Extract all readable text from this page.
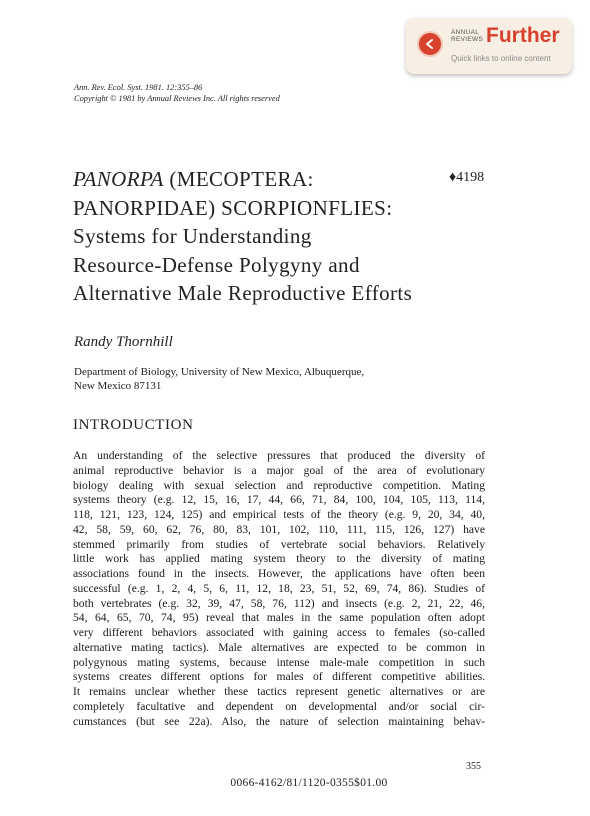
ANNUAL REVIEWS Further
Quick links to online content
Ann. Rev. Ecol. Syst. 1981. 12:355–86
Copyright © 1981 by Annual Reviews Inc. All rights reserved
PANORPA (MECOPTERA:
PANORPIDAE) SCORPIONFLIES:
Systems for Understanding
Resource-Defense Polygyny and
Alternative Male Reproductive Efforts
♦4198
Randy Thornhill
Department of Biology, University of New Mexico, Albuquerque,
New Mexico 87131
INTRODUCTION
An understanding of the selective pressures that produced the diversity of
animal reproductive behavior is a major goal of the area of evolutionary
biology dealing with sexual selection and reproductive competition. Mating
systems theory (e.g. 12, 15, 16, 17, 44, 66, 71, 84, 100, 104, 105, 113, 114,
118, 121, 123, 124, 125) and empirical tests of the theory (e.g. 9, 20, 34, 40,
42, 58, 59, 60, 62, 76, 80, 83, 101, 102, 110, 111, 115, 126, 127) have
stemmed primarily from studies of vertebrate social behaviors. Relatively
little work has applied mating system theory to the diversity of mating
associations found in the insects. However, the applications have often been
successful (e.g. 1, 2, 4, 5, 6, 11, 12, 18, 23, 51, 52, 69, 74, 86). Studies of
both vertebrates (e.g. 32, 39, 47, 58, 76, 112) and insects (e.g. 2, 21, 22, 46,
54, 64, 65, 70, 74, 95) reveal that males in the same population often adopt
very different behaviors associated with gaining access to females (so-called
alternative mating tactics). Male alternatives are expected to be common in
polygynous mating systems, because intense male-male competition in such
systems creates different options for males of different competitive abilities.
It remains unclear whether these tactics represent genetic alternatives or are
completely facultative and dependent on developmental and/or social cir-
cumstances (but see 22a). Also, the nature of selection maintaining behav-
355
0066-4162/81/1120-0355$01.00
